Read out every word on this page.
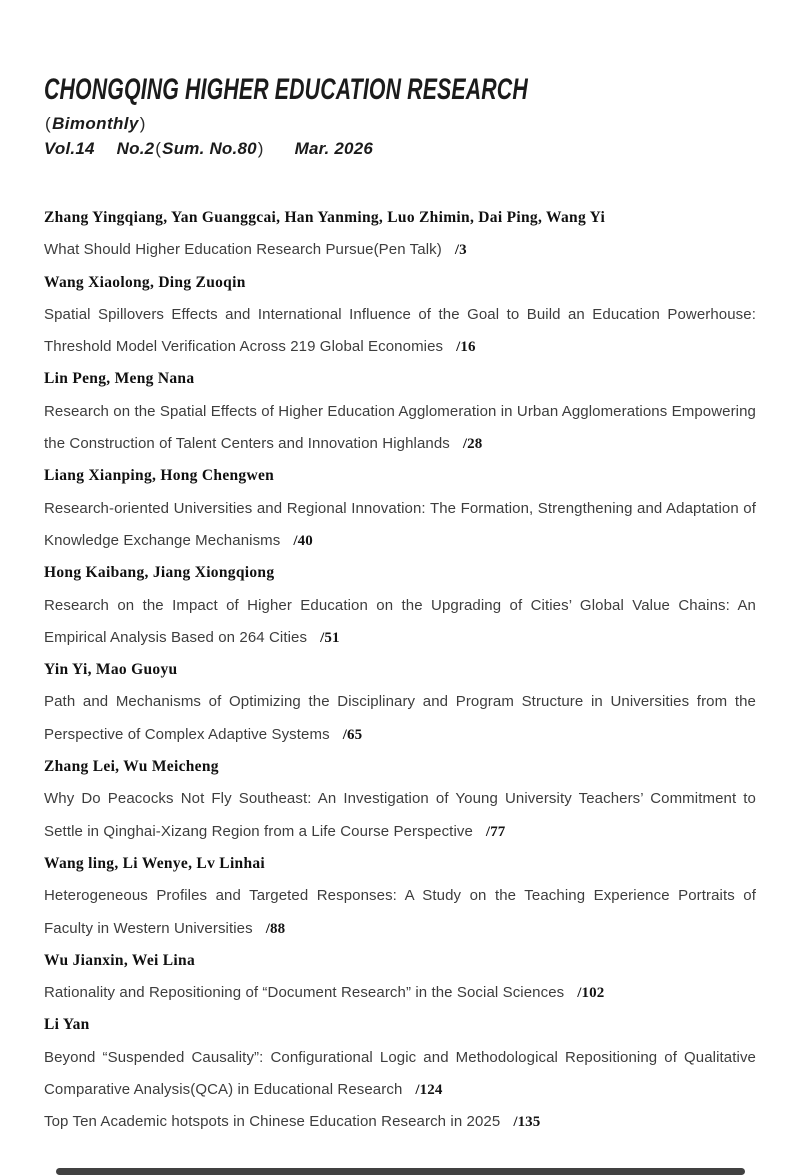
CHONGQING HIGHER EDUCATION RESEARCH
(Bimonthly)
Vol.14 No.2(Sum. No.80) Mar. 2026

Zhang Yingqiang, Yan Guanggcai, Han Yanming, Luo Zhimin, Dai Ping, Wang Yi

What Should Higher Education Research Pursue(Pen Talk) /3

Wang Xiaolong, Ding Zuoqin

Spatial Spillovers Effects and International Influence of the Goal to Build an Education Powerhouse: Threshold Model Verification Across 219 Global Economies /16

Lin Peng, Meng Nana

Research on the Spatial Effects of Higher Education Agglomeration in Urban Agglomerations Empowering the Construction of Talent Centers and Innovation Highlands /28

Liang Xianping, Hong Chengwen

Research-oriented Universities and Regional Innovation: The Formation, Strengthening and Adaptation of Knowledge Exchange Mechanisms /40

Hong Kaibang, Jiang Xiongqiong

Research on the Impact of Higher Education on the Upgrading of Cities’ Global Value Chains: An Empirical Analysis Based on 264 Cities /51

Yin Yi, Mao Guoyu

Path and Mechanisms of Optimizing the Disciplinary and Program Structure in Universities from the Perspective of Complex Adaptive Systems /65

Zhang Lei, Wu Meicheng

Why Do Peacocks Not Fly Southeast: An Investigation of Young University Teachers’ Commitment to Settle in Qinghai-Xizang Region from a Life Course Perspective /77

Wang ling, Li Wenye, Lv Linhai

Heterogeneous Profiles and Targeted Responses: A Study on the Teaching Experience Portraits of Faculty in Western Universities /88

Wu Jianxin, Wei Lina

Rationality and Repositioning of “Document Research” in the Social Sciences /102

Li Yan

Beyond “Suspended Causality”: Configurational Logic and Methodological Repositioning of Qualitative Comparative Analysis(QCA) in Educational Research /124

Top Ten Academic hotspots in Chinese Education Research in 2025 /135
